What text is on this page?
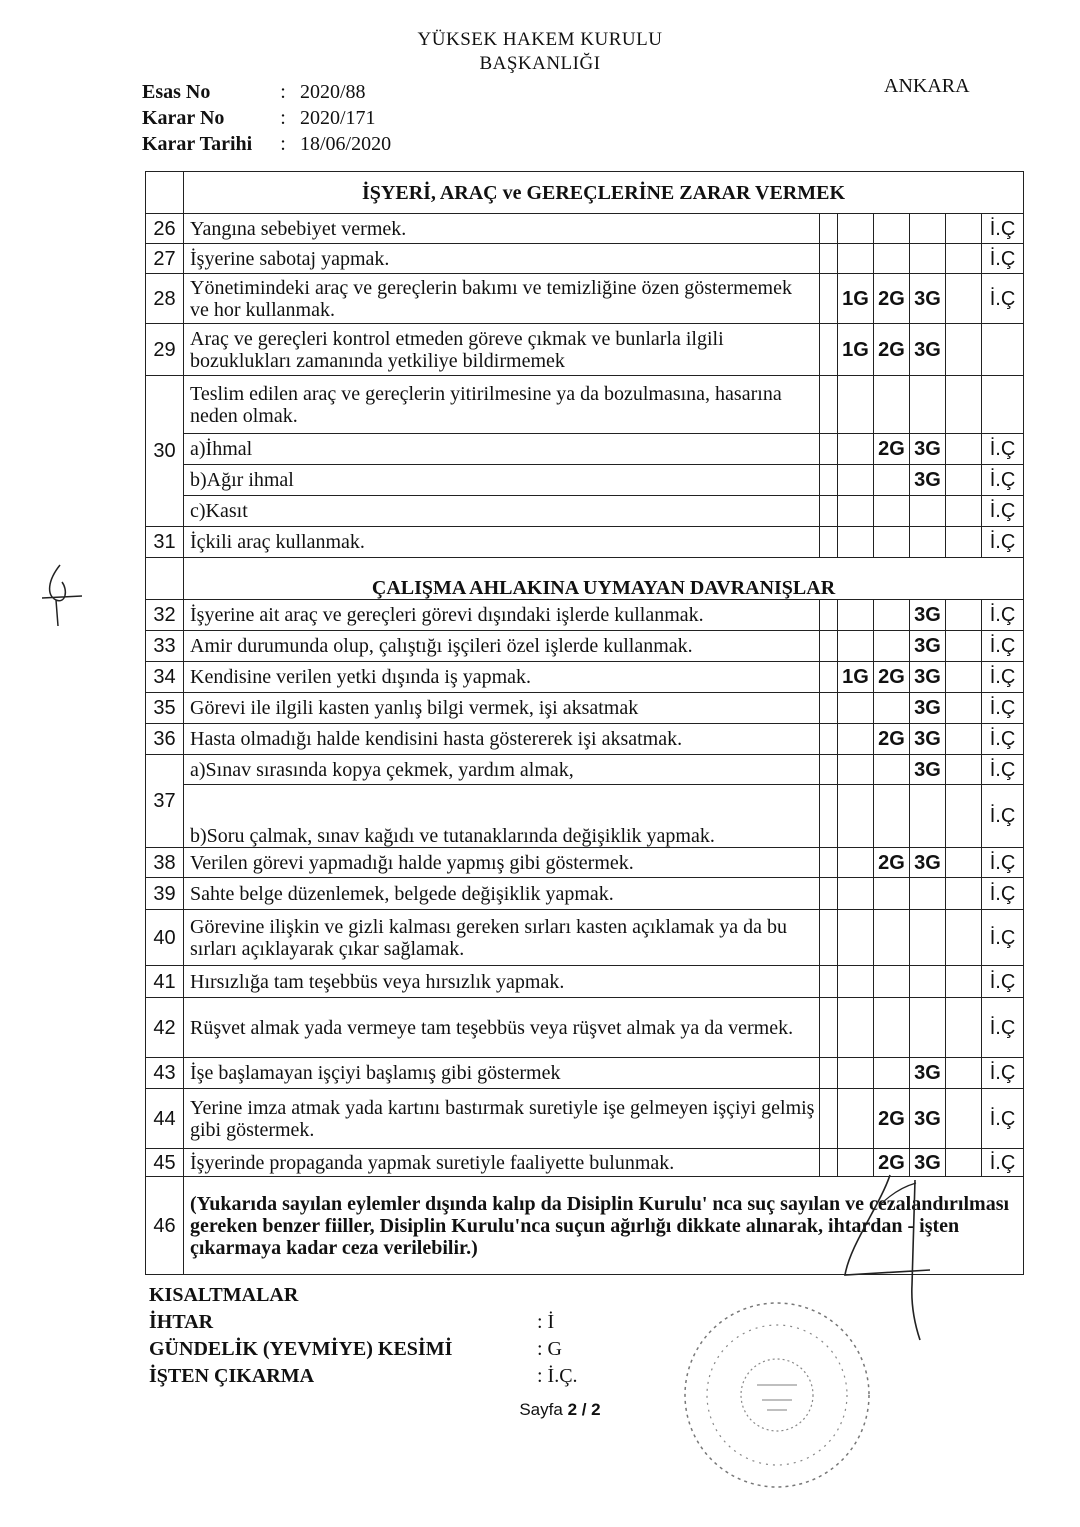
YÜKSEK HAKEM KURULU
BAŞKANLIĞI
Esas No	:	2020/88
Karar No	:	2020/171
Karar Tarihi	:	18/06/2020
ANKARA
	İŞYERİ, ARAÇ ve GEREÇLERİNE ZARAR VERMEK						
26	Yangına sebebiyet vermek.						İ.Ç
27	İşyerine sabotaj yapmak.						İ.Ç
28	Yönetimindeki araç ve gereçlerin bakımı ve temizliğine özen göstermemek ve hor kullanmak.		1G	2G	3G		İ.Ç
29	Araç ve gereçleri kontrol etmeden göreve çıkmak ve bunlarla ilgili bozuklukları zamanında yetkiliye bildirmemek		1G	2G	3G		
30	Teslim edilen araç ve gereçlerin yitirilmesine ya da bozulmasına, hasarına neden olmak.						
	a)İhmal			2G	3G		İ.Ç
	b)Ağır ihmal				3G		İ.Ç
	c)Kasıt						İ.Ç
31	İçkili araç kullanmak.						İ.Ç
	ÇALIŞMA AHLAKINA UYMAYAN DAVRANIŞLAR						
32	İşyerine ait araç ve gereçleri görevi dışındaki işlerde kullanmak.				3G		İ.Ç
33	Amir durumunda olup, çalıştığı işçileri özel işlerde kullanmak.				3G		İ.Ç
34	Kendisine verilen yetki dışında iş yapmak.		1G	2G	3G		İ.Ç
35	Görevi ile ilgili kasten yanlış bilgi vermek, işi aksatmak				3G		İ.Ç
36	Hasta olmadığı halde kendisini hasta göstererek işi aksatmak.			2G	3G		İ.Ç
37	a)Sınav sırasında kopya çekmek, yardım almak,				3G		İ.Ç
	b)Soru çalmak, sınav kağıdı ve tutanaklarında değişiklik yapmak.						İ.Ç
38	Verilen görevi yapmadığı halde yapmış gibi göstermek.			2G	3G		İ.Ç
39	Sahte belge düzenlemek, belgede değişiklik yapmak.						İ.Ç
40	Görevine ilişkin ve gizli kalması gereken sırları kasten açıklamak ya da bu sırları açıklayarak çıkar sağlamak.						İ.Ç
41	Hırsızlığa tam teşebbüs veya hırsızlık yapmak.						İ.Ç
42	Rüşvet almak yada vermeye tam teşebbüs veya rüşvet almak ya da vermek.						İ.Ç
43	İşe başlamayan işçiyi başlamış gibi göstermek				3G		İ.Ç
44	Yerine imza atmak yada kartını bastırmak suretiyle işe gelmeyen işçiyi gelmiş gibi göstermek.			2G	3G		İ.Ç
45	İşyerinde propaganda yapmak suretiyle faaliyette bulunmak.			2G	3G		İ.Ç
46	(Yukarıda sayılan eylemler dışında kalıp da Disiplin Kurulu' nca suç sayılan ve cezalandırılması gereken benzer fiiller, Disiplin Kurulu'nca suçun ağırlığı dikkate alınarak, ihtardan - işten çıkarmaya kadar ceza verilebilir.)						
KISALTMALAR	
İHTAR	: İ
GÜNDELİK (YEVMİYE) KESİMİ	: G
İŞTEN ÇIKARMA	: İ.Ç.
Sayfa 2 / 2
